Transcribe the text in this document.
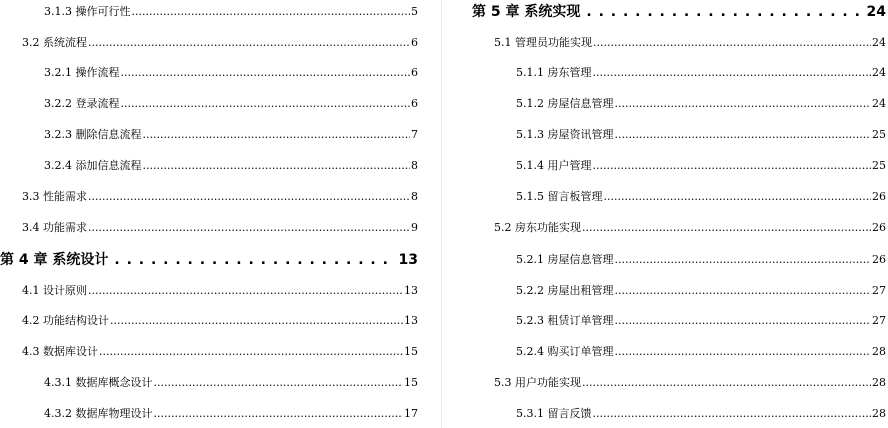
3.1.3 操作可行性 .....	5
3.2 系统流程 .....	6
3.2.1 操作流程 .....	6
3.2.2 登录流程 .....	6
3.2.3 删除信息流程 .....	7
3.2.4 添加信息流程 .....	8
3.3 性能需求 .....	8
3.4 功能需求 .....	9
第 4 章 系统设计 . . .	13
4.1 设计原则 .....	13
4.2 功能结构设计 .....	13
4.3 数据库设计 .....	15
4.3.1 数据库概念设计 .....	15
4.3.2 数据库物理设计 .....	17
第 5 章 系统实现 . . .	24
5.1 管理员功能实现 .....	24
5.1.1 房东管理 .....	24
5.1.2 房屋信息管理 .....	24
5.1.3 房屋资讯管理 .....	25
5.1.4 用户管理 .....	25
5.1.5 留言板管理 .....	26
5.2 房东功能实现 .....	26
5.2.1 房屋信息管理 .....	26
5.2.2 房屋出租管理 .....	27
5.2.3 租赁订单管理 .....	27
5.2.4 购买订单管理 .....	28
5.3 用户功能实现 .....	28
5.3.1 留言反馈 .....	28
